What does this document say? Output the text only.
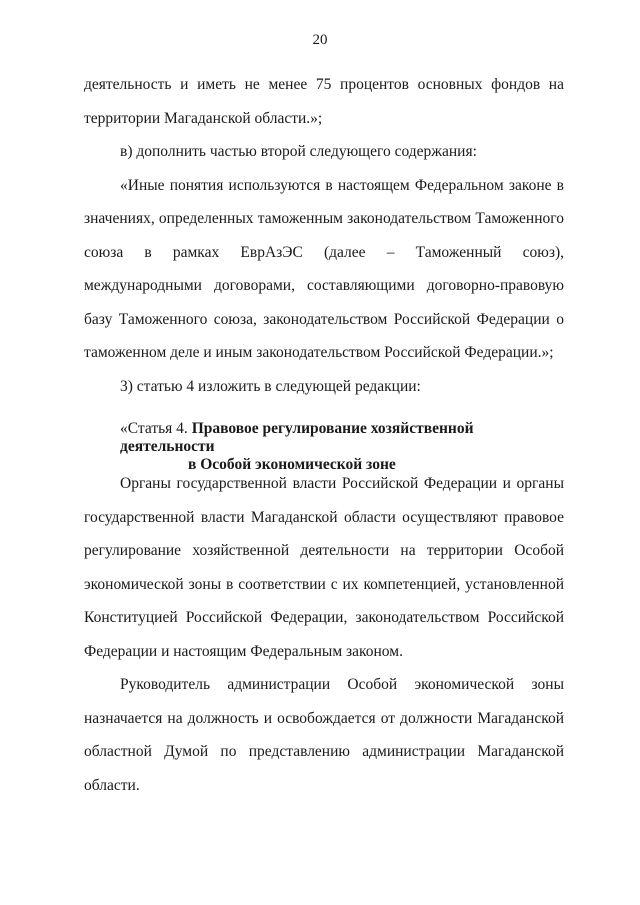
20

деятельность и иметь не менее 75 процентов основных фондов на территории Магаданской области.»;

в) дополнить частью второй следующего содержания:

«Иные понятия используются в настоящем Федеральном законе в значениях, определенных таможенным законодательством Таможенного союза в рамках ЕврАзЭС (далее – Таможенный союз), международными договорами, составляющими договорно-правовую базу Таможенного союза, законодательством Российской Федерации о таможенном деле и иным законодательством Российской Федерации.»;

3) статью 4 изложить в следующей редакции:

«Статья 4. Правовое регулирование хозяйственной деятельности
в Особой экономической зоне

Органы государственной власти Российской Федерации и органы государственной власти Магаданской области осуществляют правовое регулирование хозяйственной деятельности на территории Особой экономической зоны в соответствии с их компетенцией, установленной Конституцией Российской Федерации, законодательством Российской Федерации и настоящим Федеральным законом.

Руководитель администрации Особой экономической зоны назначается на должность и освобождается от должности Магаданской областной Думой по представлению администрации Магаданской области.
